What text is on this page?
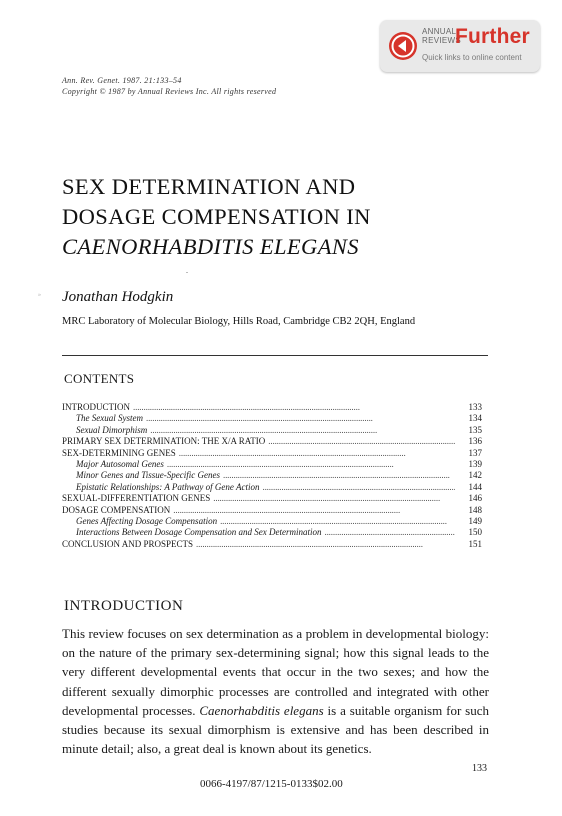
ANNUAL
REVIEWS
Further
Quick links to online content
Ann. Rev. Genet. 1987. 21:133–54
Copyright © 1987 by Annual Reviews Inc. All rights reserved
SEX DETERMINATION AND
DOSAGE COMPENSATION IN
CAENORHABDITIS ELEGANS
» Jonathan Hodgkin
MRC Laboratory of Molecular Biology, Hills Road, Cambridge CB2 2QH, England
CONTENTS
INTRODUCTION . . .	133
The Sexual System . . .	134
Sexual Dimorphism . . .	135
PRIMARY SEX DETERMINATION: THE X/A RATIO . . .	136
SEX-DETERMINING GENES . . .	137
Major Autosomal Genes . . .	139
Minor Genes and Tissue-Specific Genes . . .	142
Epistatic Relationships: A Pathway of Gene Action . . .	144
SEXUAL-DIFFERENTIATION GENES . . .	146
DOSAGE COMPENSATION . . .	148
Genes Affecting Dosage Compensation . . .	149
Interactions Between Dosage Compensation and Sex Determination . . .	150
CONCLUSION AND PROSPECTS . . .	151
INTRODUCTION
This review focuses on sex determination as a problem in developmental biology: on the nature of the primary sex-determining signal; how this signal leads to the very different developmental events that occur in the two sexes; and how the different sexually dimorphic processes are controlled and integrated with other developmental processes. Caenorhabditis elegans is a suitable organism for such studies because its sexual dimorphism is extensive and has been described in minute detail; also, a great deal is known about its genetics.
133
0066-4197/87/1215-0133$02.00
